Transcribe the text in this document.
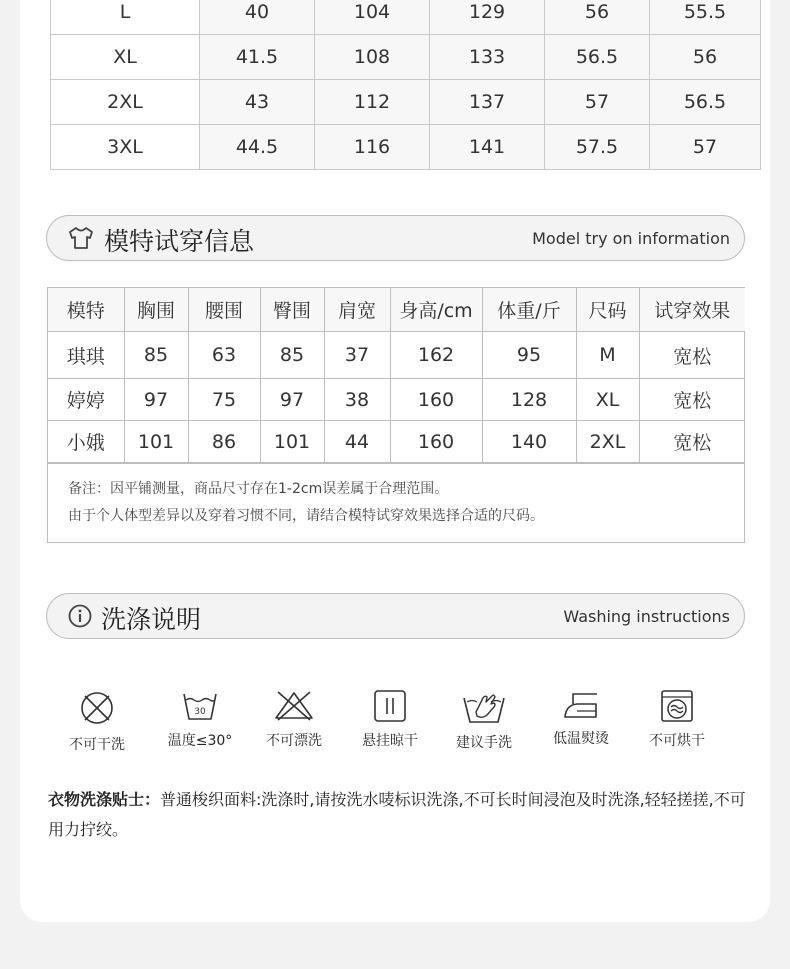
L	40	104	129	56	55.5
XL	41.5	108	133	56.5	56
2XL	43	112	137	57	56.5
3XL	44.5	116	141	57.5	57
模特试穿信息	Model try on information
模特	胸围	腰围	臀围	肩宽	身高/cm	体重/斤	尺码	试穿效果
琪琪	85	63	85	37	162	95	M	宽松
婷婷	97	75	97	38	160	128	XL	宽松
小娥	101	86	101	44	160	140	2XL	宽松
备注：因平铺测量，商品尺寸存在1-2cm误差属于合理范围。
由于个人体型差异以及穿着习惯不同，请结合模特试穿效果选择合适的尺码。
洗涤说明	Washing instructions
不可干洗
30
温度≤30°	不可漂洗	悬挂晾干	建议手洗	低温熨烫	不可烘干
衣物洗涤贴士：普通梭织面料:洗涤时,请按洗水唛标识洗涤,不可长时间浸泡及时洗涤,轻轻搓搓,不可用力拧绞。
